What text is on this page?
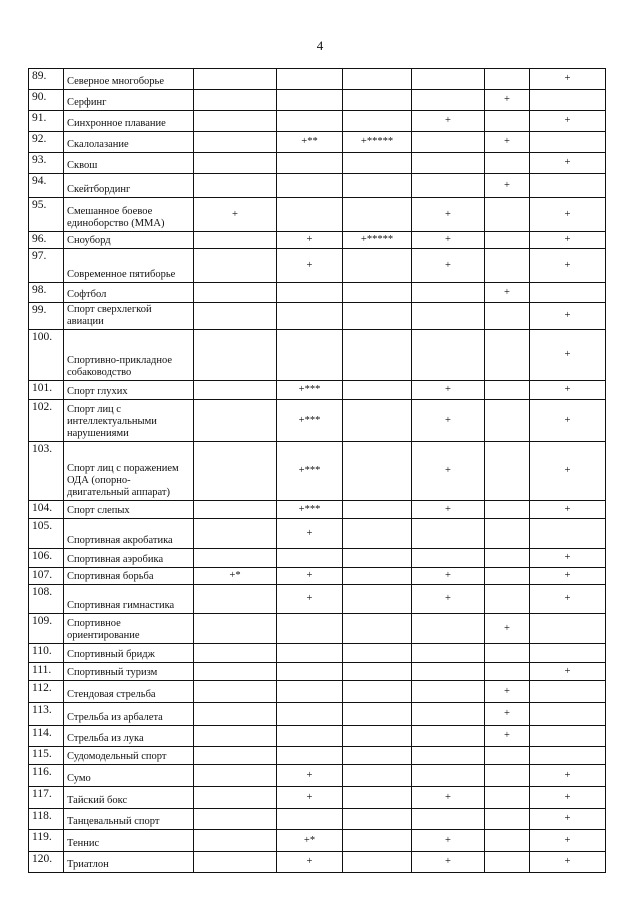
4
89.	Северное многоборье						+
90.	Серфинг					+	
91.	Синхронное плавание				+		+
92.	Скалолазание		+**	+*****		+	
93.	Сквош						+
94.	Скейтбординг					+	
95.	Смешанное боевое единоборство (ММА)	+			+		+
96.	Сноуборд		+	+*****	+		+
97.	Современное пятиборье		+		+		+
98.	Софтбол					+	
99.	Спорт сверхлегкой авиации						+
100.	Спортивно-прикладное собаководство						+
101.	Спорт глухих		+***		+		+
102.	Спорт лиц с интеллектуальными нарушениями		+***		+		+
103.	Спорт лиц с поражением ОДА (опорно-двигательный аппарат)		+***		+		+
104.	Спорт слепых		+***		+		+
105.	Спортивная акробатика		+				
106.	Спортивная аэробика						+
107.	Спортивная борьба	+*	+		+		+
108.	Спортивная гимнастика		+		+		+
109.	Спортивное ориентирование					+	
110.	Спортивный бридж						
111.	Спортивный туризм						+
112.	Стендовая стрельба					+	
113.	Стрельба из арбалета					+	
114.	Стрельба из лука					+	
115.	Судомодельный спорт						
116.	Сумо		+				+
117.	Тайский бокс		+		+		+
118.	Танцевальный спорт						+
119.	Теннис		+*		+		+
120.	Триатлон		+		+		+
